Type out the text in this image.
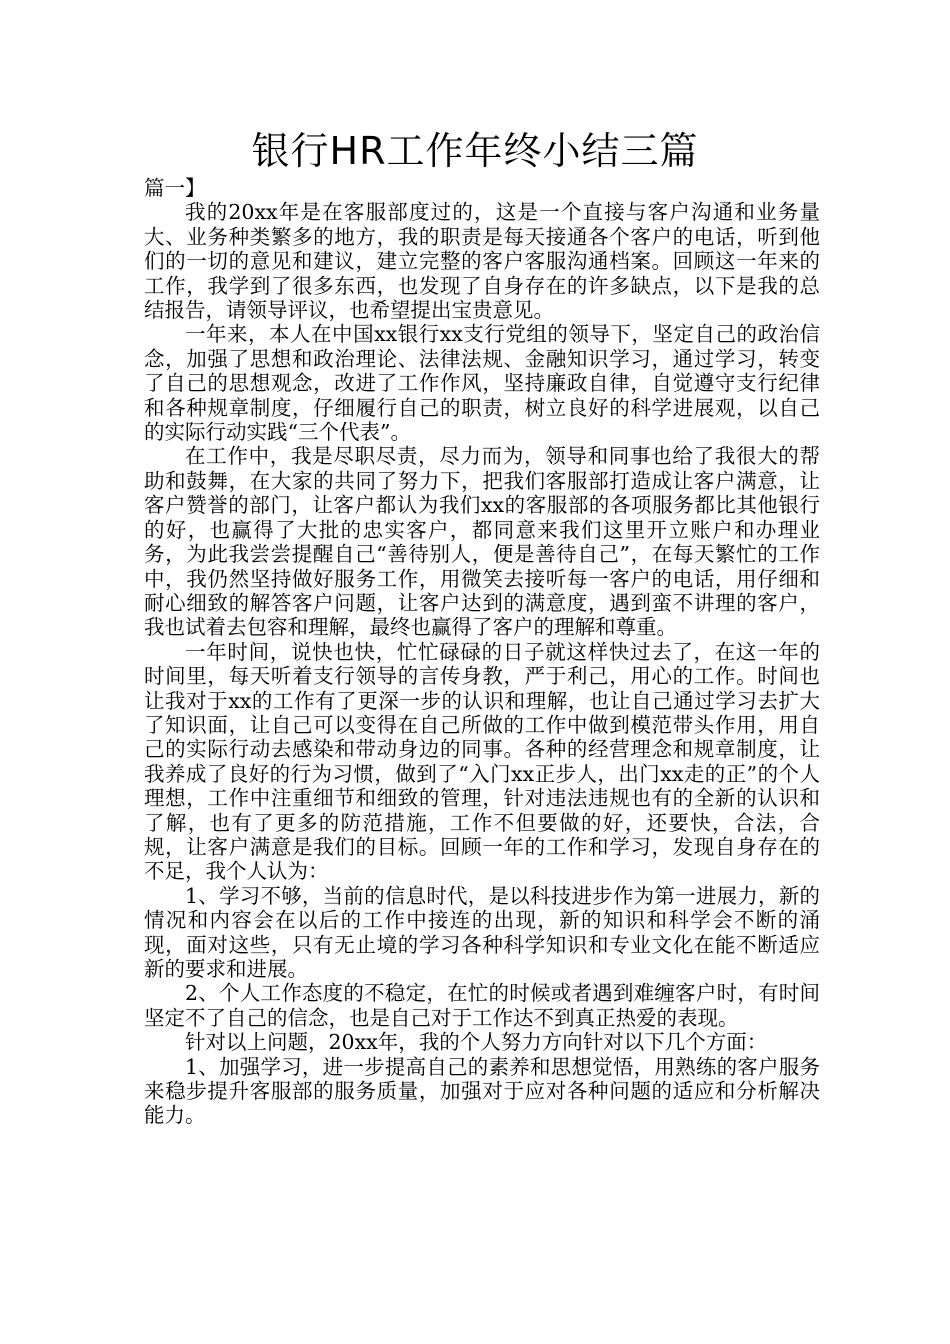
银行HR工作年终小结三篇

篇一】

我的20xx年是在客服部度过的，这是一个直接与客户沟通和业务量大、业务种类繁多的地方，我的职责是每天接通各个客户的电话，听到他们的一切的意见和建议，建立完整的客户客服沟通档案。回顾这一年来的工作，我学到了很多东西，也发现了自身存在的许多缺点，以下是我的总结报告，请领导评议，也希望提出宝贵意见。

一年来，本人在中国xx银行xx支行党组的领导下，坚定自己的政治信念，加强了思想和政治理论、法律法规、金融知识学习，通过学习，转变了自己的思想观念，改进了工作作风，坚持廉政自律，自觉遵守支行纪律和各种规章制度，仔细履行自己的职责，树立良好的科学进展观，以自己的实际行动实践“三个代表”。

在工作中，我是尽职尽责，尽力而为，领导和同事也给了我很大的帮助和鼓舞，在大家的共同了努力下，把我们客服部打造成让客户满意，让客户赞誉的部门，让客户都认为我们xx的客服部的各项服务都比其他银行的好，也赢得了大批的忠实客户，都同意来我们这里开立账户和办理业务，为此我尝尝提醒自己“善待别人，便是善待自己”，在每天繁忙的工作中，我仍然坚持做好服务工作，用微笑去接听每一客户的电话，用仔细和耐心细致的解答客户问题，让客户达到的满意度，遇到蛮不讲理的客户，我也试着去包容和理解，最终也赢得了客户的理解和尊重。

一年时间，说快也快，忙忙碌碌的日子就这样快过去了，在这一年的时间里，每天听着支行领导的言传身教，严于利己，用心的工作。时间也让我对于xx的工作有了更深一步的认识和理解，也让自己通过学习去扩大了知识面，让自己可以变得在自己所做的工作中做到模范带头作用，用自己的实际行动去感染和带动身边的同事。各种的经营理念和规章制度，让我养成了良好的行为习惯，做到了“入门xx正步人，出门xx走的正”的个人理想，工作中注重细节和细致的管理，针对违法违规也有的全新的认识和了解，也有了更多的防范措施，工作不但要做的好，还要快，合法，合规，让客户满意是我们的目标。回顾一年的工作和学习，发现自身存在的不足，我个人认为：

1、学习不够，当前的信息时代，是以科技进步作为第一进展力，新的情况和内容会在以后的工作中接连的出现，新的知识和科学会不断的涌现，面对这些，只有无止境的学习各种科学知识和专业文化在能不断适应新的要求和进展。

2、个人工作态度的不稳定，在忙的时候或者遇到难缠客户时，有时间坚定不了自己的信念，也是自己对于工作达不到真正热爱的表现。

针对以上问题，20xx年，我的个人努力方向针对以下几个方面：

1、加强学习，进一步提高自己的素养和思想觉悟，用熟练的客户服务来稳步提升客服部的服务质量，加强对于应对各种问题的适应和分析解决能力。
